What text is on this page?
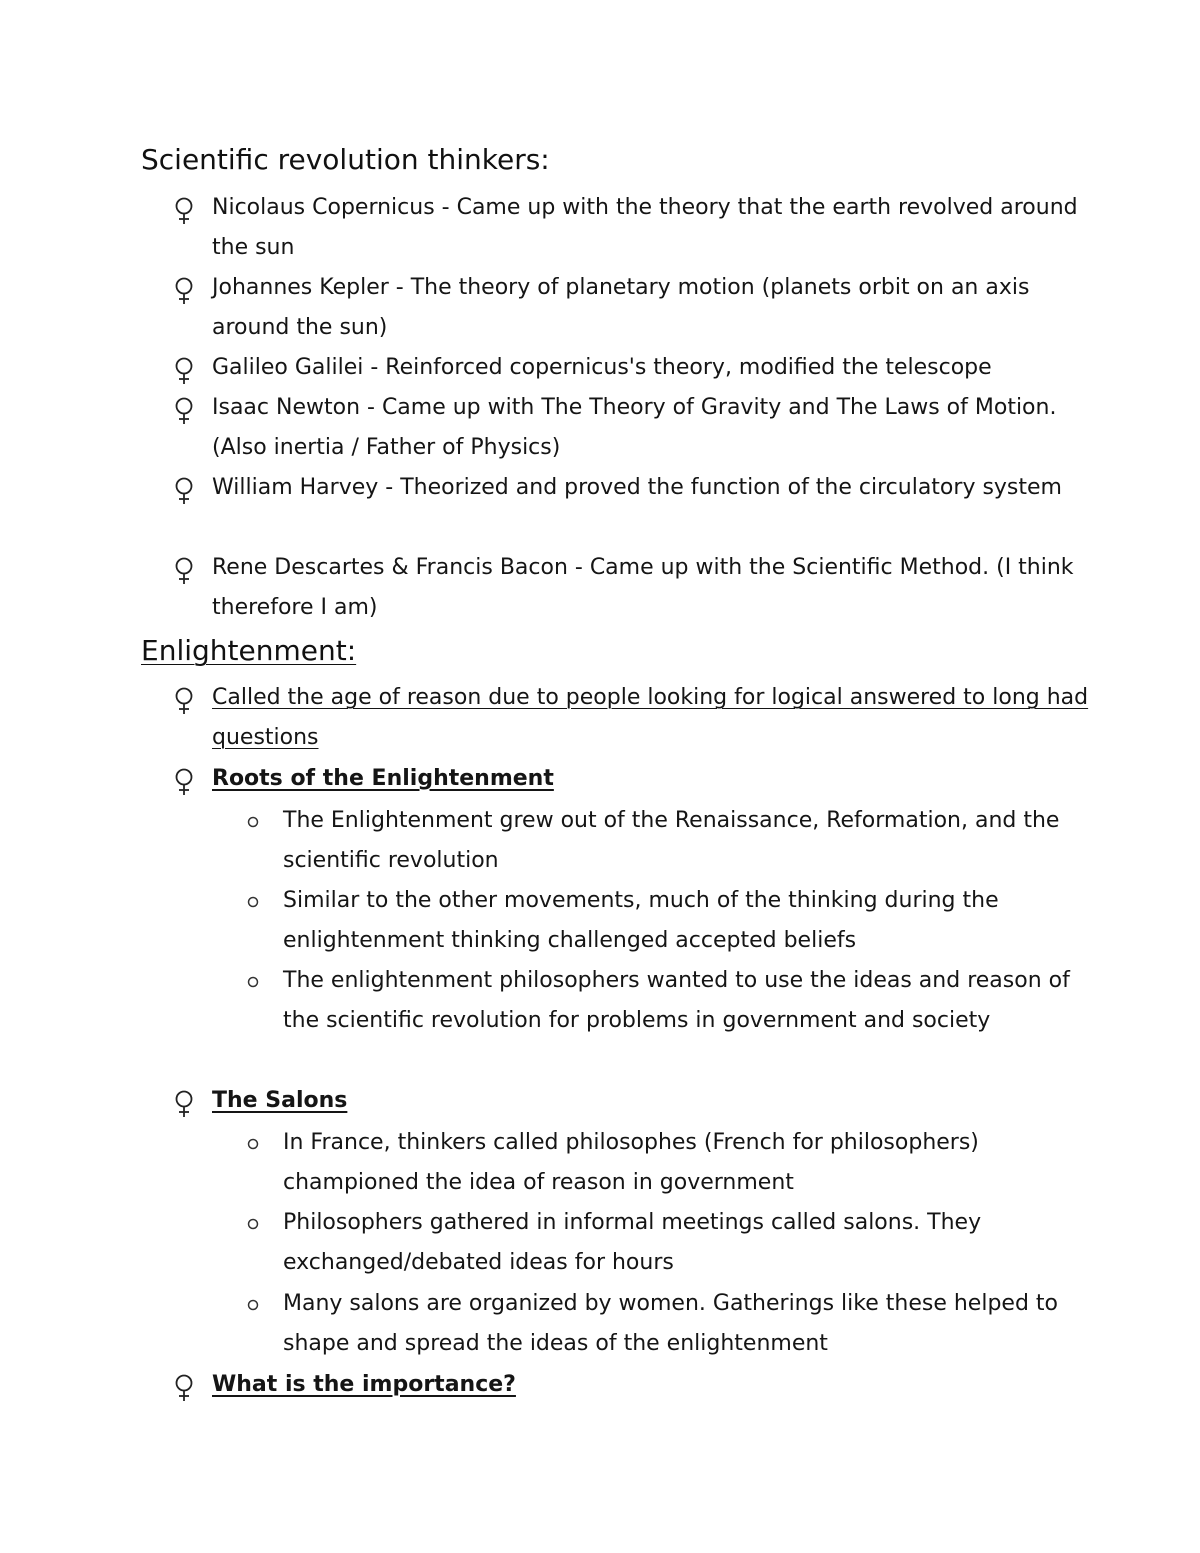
Scientific revolution thinkers:
Nicolaus Copernicus - Came up with the theory that the earth revolved around the sun
Johannes Kepler - The theory of planetary motion (planets orbit on an axis around the sun)
Galileo Galilei - Reinforced copernicus's theory, modified the telescope
Isaac Newton - Came up with The Theory of Gravity and The Laws of Motion. (Also inertia / Father of Physics)
William Harvey - Theorized and proved the function of the circulatory system
Rene Descartes & Francis Bacon - Came up with the Scientific Method. (I think therefore I am)
Enlightenment:
Called the age of reason due to people looking for logical answered to long had questions
Roots of the Enlightenment
The Enlightenment grew out of the Renaissance, Reformation, and the scientific revolution
Similar to the other movements, much of the thinking during the enlightenment thinking challenged accepted beliefs
The enlightenment philosophers wanted to use the ideas and reason of the scientific revolution for problems in government and society
The Salons
In France, thinkers called philosophes (French for philosophers) championed the idea of reason in government
Philosophers gathered in informal meetings called salons. They exchanged/debated ideas for hours
Many salons are organized by women. Gatherings like these helped to shape and spread the ideas of the enlightenment
What is the importance?
